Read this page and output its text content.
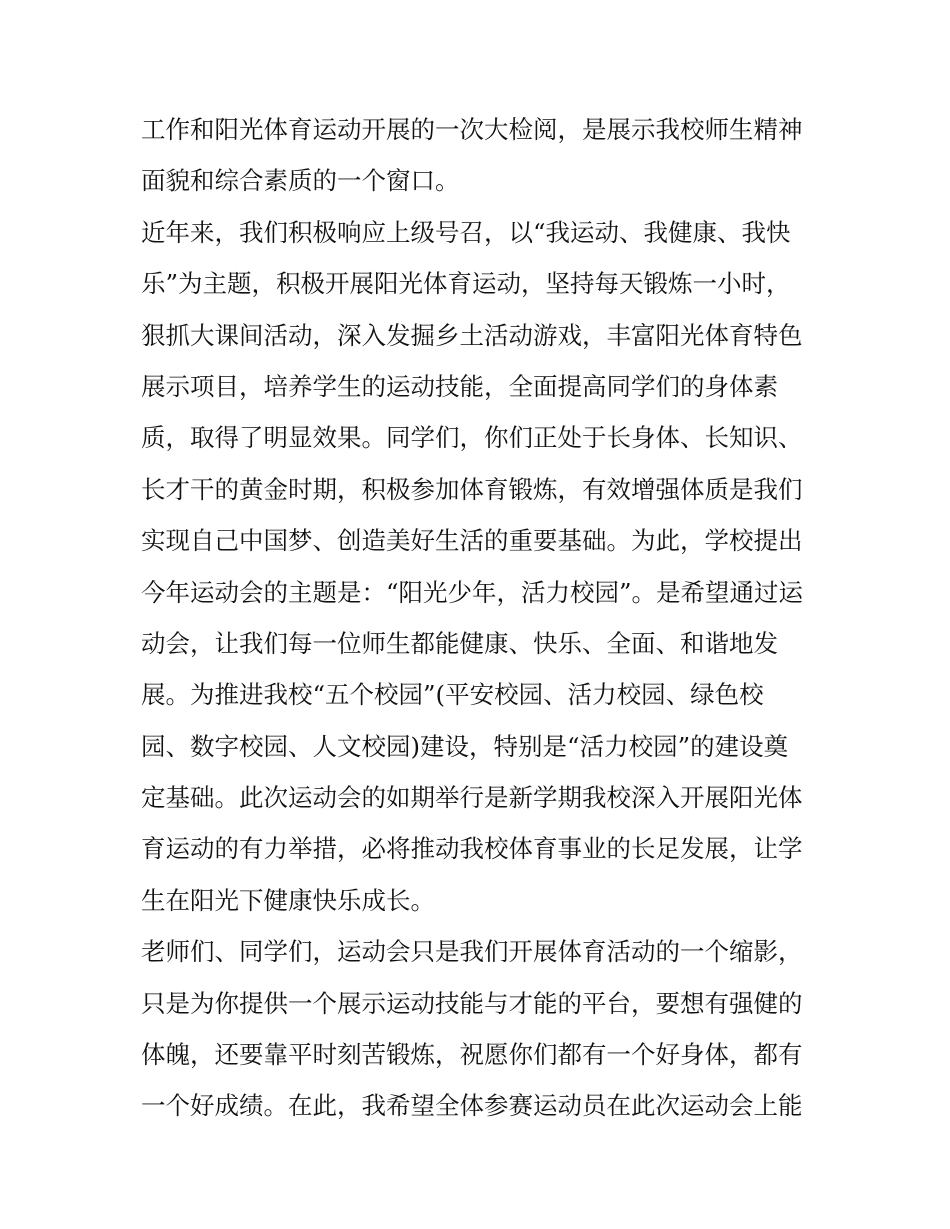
工作和阳光体育运动开展的一次大检阅，是展示我校师生精神
面貌和综合素质的一个窗口。
近年来，我们积极响应上级号召，以“我运动、我健康、我快
乐”为主题，积极开展阳光体育运动，坚持每天锻炼一小时，
狠抓大课间活动，深入发掘乡土活动游戏，丰富阳光体育特色
展示项目，培养学生的运动技能，全面提高同学们的身体素
质，取得了明显效果。同学们，你们正处于长身体、长知识、
长才干的黄金时期，积极参加体育锻炼，有效增强体质是我们
实现自己中国梦、创造美好生活的重要基础。为此，学校提出
今年运动会的主题是：“阳光少年，活力校园”。是希望通过运
动会，让我们每一位师生都能健康、快乐、全面、和谐地发
展。为推进我校“五个校园”(平安校园、活力校园、绿色校
园、数字校园、人文校园)建设，特别是“活力校园”的建设奠
定基础。此次运动会的如期举行是新学期我校深入开展阳光体
育运动的有力举措，必将推动我校体育事业的长足发展，让学
生在阳光下健康快乐成长。
老师们、同学们，运动会只是我们开展体育活动的一个缩影，
只是为你提供一个展示运动技能与才能的平台，要想有强健的
体魄，还要靠平时刻苦锻炼，祝愿你们都有一个好身体，都有
一个好成绩。在此，我希望全体参赛运动员在此次运动会上能
